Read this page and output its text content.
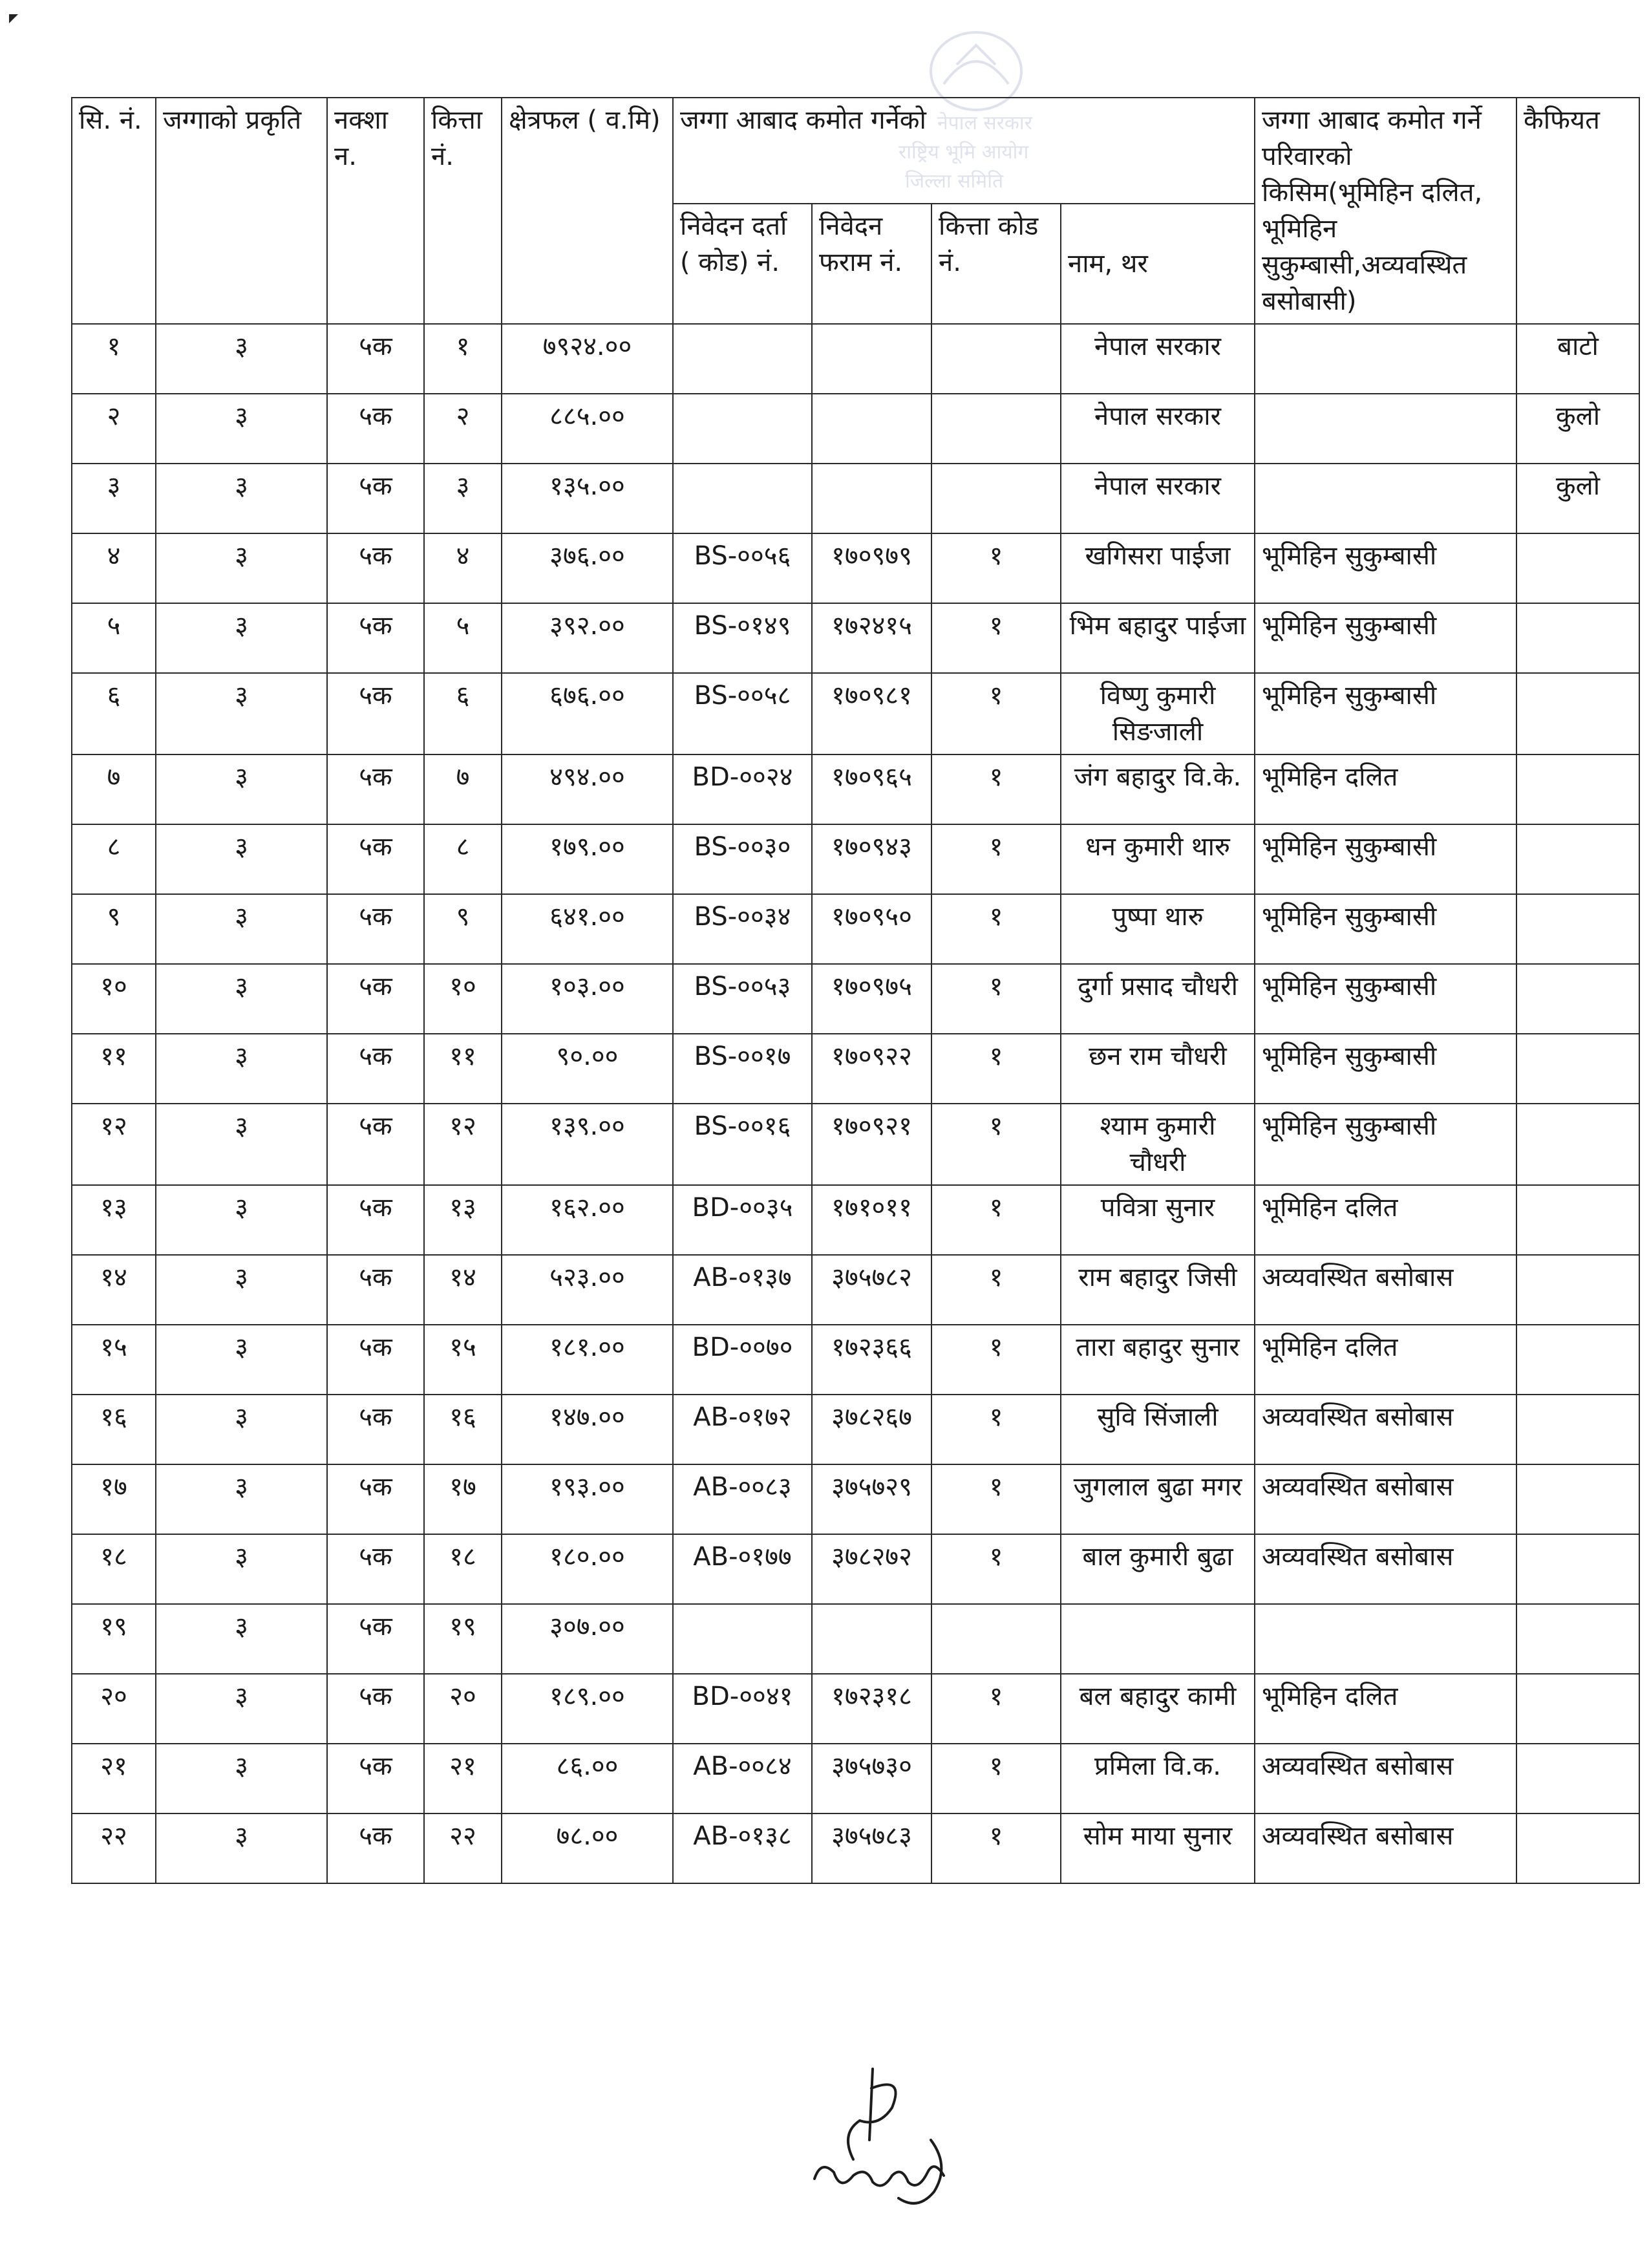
नेपाल सरकार
राष्ट्रिय भूमि आयोग
जिल्ला समिति
सि. नं.	जग्गाको प्रकृति	नक्शा न.	कित्ता नं.	क्षेत्रफल ( व.मि)	जग्गा आबाद कमोत गर्नेको				जग्गा आबाद कमोत गर्ने परिवारको किसिम(भूमिहिन दलित, भूमिहिन सुकुम्बासी,अव्यवस्थित बसोबासी)	कैफियत
					निवेदन दर्ता ( कोड) नं.	निवेदन फराम नं.	कित्ता कोड नं.	नाम, थर		
१	३	५क	१	७९२४.००				नेपाल सरकार		बाटो
२	३	५क	२	८८५.००				नेपाल सरकार		कुलो
३	३	५क	३	१३५.००				नेपाल सरकार		कुलो
४	३	५क	४	३७६.००	BS-००५६	१७०९७९	१	खगिसरा पाईजा	भूमिहिन सुकुम्बासी	
५	३	५क	५	३९२.००	BS-०१४९	१७२४१५	१	भिम बहादुर पाईजा	भूमिहिन सुकुम्बासी	
६	३	५क	६	६७६.००	BS-००५८	१७०९८१	१	विष्णु कुमारी सिङजाली	भूमिहिन सुकुम्बासी	
७	३	५क	७	४९४.००	BD-००२४	१७०९६५	१	जंग बहादुर वि.के.	भूमिहिन दलित	
८	३	५क	८	१७९.००	BS-००३०	१७०९४३	१	धन कुमारी थारु	भूमिहिन सुकुम्बासी	
९	३	५क	९	६४१.००	BS-००३४	१७०९५०	१	पुष्पा थारु	भूमिहिन सुकुम्बासी	
१०	३	५क	१०	१०३.००	BS-००५३	१७०९७५	१	दुर्गा प्रसाद चौधरी	भूमिहिन सुकुम्बासी	
११	३	५क	११	९०.००	BS-००१७	१७०९२२	१	छन राम चौधरी	भूमिहिन सुकुम्बासी	
१२	३	५क	१२	१३९.००	BS-००१६	१७०९२१	१	श्याम कुमारी चौधरी	भूमिहिन सुकुम्बासी	
१३	३	५क	१३	१६२.००	BD-००३५	१७१०११	१	पवित्रा सुनार	भूमिहिन दलित	
१४	३	५क	१४	५२३.००	AB-०१३७	३७५७८२	१	राम बहादुर जिसी	अव्यवस्थित बसोबास	
१५	३	५क	१५	१८१.००	BD-००७०	१७२३६६	१	तारा बहादुर सुनार	भूमिहिन दलित	
१६	३	५क	१६	१४७.००	AB-०१७२	३७८२६७	१	सुवि सिंजाली	अव्यवस्थित बसोबास	
१७	३	५क	१७	१९३.००	AB-००८३	३७५७२९	१	जुगलाल बुढा मगर	अव्यवस्थित बसोबास	
१८	३	५क	१८	१८०.००	AB-०१७७	३७८२७२	१	बाल कुमारी बुढा	अव्यवस्थित बसोबास	
१९	३	५क	१९	३०७.००						
२०	३	५क	२०	१८९.००	BD-००४१	१७२३१८	१	बल बहादुर कामी	भूमिहिन दलित	
२१	३	५क	२१	८६.००	AB-००८४	३७५७३०	१	प्रमिला वि.क.	अव्यवस्थित बसोबास	
२२	३	५क	२२	७८.००	AB-०१३८	३७५७८३	१	सोम माया सुनार	अव्यवस्थित बसोबास	
